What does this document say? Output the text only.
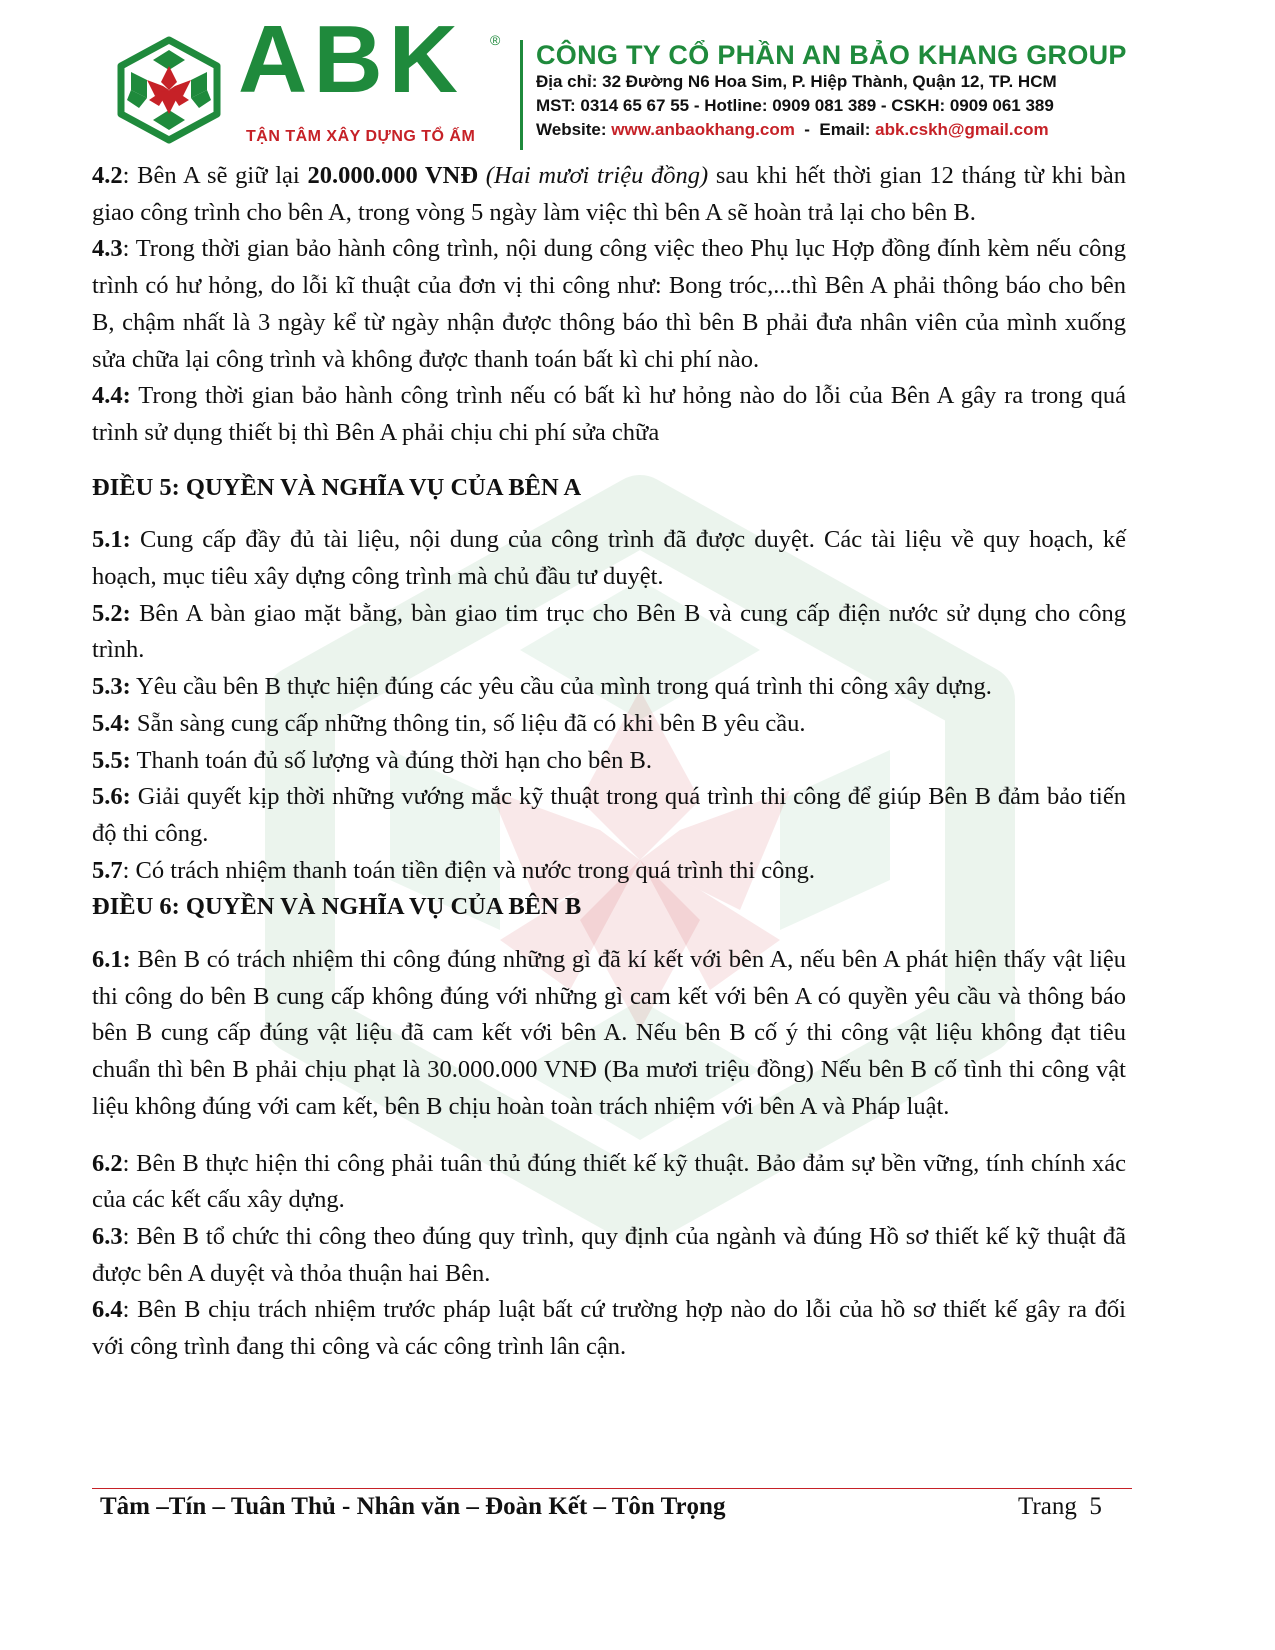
ABK ®
TẬN TÂM XÂY DỰNG TỔ ẤM
CÔNG TY CỔ PHẦN AN BẢO KHANG GROUP
Địa chỉ: 32 Đường N6 Hoa Sim, P. Hiệp Thành, Quận 12, TP. HCM
MST: 0314 65 67 55 - Hotline: 0909 081 389 - CSKH: 0909 061 389
Website: www.anbaokhang.com  -  Email: abk.cskh@gmail.com

4.2: Bên A sẽ giữ lại 20.000.000 VNĐ (Hai mươi triệu đồng) sau khi hết thời gian 12 tháng từ khi bàn giao công trình cho bên A, trong vòng 5 ngày làm việc thì bên A sẽ hoàn trả lại cho bên B.

4.3: Trong thời gian bảo hành công trình, nội dung công việc theo Phụ lục Hợp đồng đính kèm nếu công trình có hư hỏng, do lỗi kĩ thuật của đơn vị thi công như: Bong tróc,...thì Bên A phải thông báo cho bên B, chậm nhất là 3 ngày kể từ ngày nhận được thông báo thì bên B phải đưa nhân viên của mình xuống sửa chữa lại công trình và không được thanh toán bất kì chi phí nào.

4.4: Trong thời gian bảo hành công trình nếu có bất kì hư hỏng nào do lỗi của Bên A gây ra trong quá trình sử dụng thiết bị thì Bên A phải chịu chi phí sửa chữa

ĐIỀU 5: QUYỀN VÀ NGHĨA VỤ CỦA BÊN A

5.1: Cung cấp đầy đủ tài liệu, nội dung của công trình đã được duyệt. Các tài liệu về quy hoạch, kế hoạch, mục tiêu xây dựng công trình mà chủ đầu tư duyệt.

5.2: Bên A bàn giao mặt bằng, bàn giao tim trục cho Bên B và cung cấp điện nước sử dụng cho công trình.

5.3: Yêu cầu bên B thực hiện đúng các yêu cầu của mình trong quá trình thi công xây dựng.

5.4: Sẵn sàng cung cấp những thông tin, số liệu đã có khi bên B yêu cầu.

5.5: Thanh toán đủ số lượng và đúng thời hạn cho bên B.

5.6: Giải quyết kịp thời những vướng mắc kỹ thuật trong quá trình thi công để giúp Bên B đảm bảo tiến độ thi công.

5.7: Có trách nhiệm thanh toán tiền điện và nước trong quá trình thi công.

ĐIỀU 6: QUYỀN VÀ NGHĨA VỤ CỦA BÊN B

6.1: Bên B có trách nhiệm thi công đúng những gì đã kí kết với bên A, nếu bên A phát hiện thấy vật liệu thi công do bên B cung cấp không đúng với những gì cam kết với bên A có quyền yêu cầu và thông báo bên B cung cấp đúng vật liệu đã cam kết với bên A. Nếu bên B cố ý thi công vật liệu không đạt tiêu chuẩn thì bên B phải chịu phạt là 30.000.000 VNĐ (Ba mươi triệu đồng) Nếu bên B cố tình thi công vật liệu không đúng với cam kết, bên B chịu hoàn toàn trách nhiệm với bên A và Pháp luật.

6.2: Bên B thực hiện thi công phải tuân thủ đúng thiết kế kỹ thuật. Bảo đảm sự bền vững, tính chính xác của các kết cấu xây dựng.

6.3: Bên B tổ chức thi công theo đúng quy trình, quy định của ngành và đúng Hồ sơ thiết kế kỹ thuật đã được bên A duyệt và thỏa thuận hai Bên.

6.4: Bên B chịu trách nhiệm trước pháp luật bất cứ trường hợp nào do lỗi của hồ sơ thiết kế gây ra đối với công trình đang thi công và các công trình lân cận.

Tâm –Tín – Tuân Thủ - Nhân văn – Đoàn Kết – Tôn Trọng	Trang  5
